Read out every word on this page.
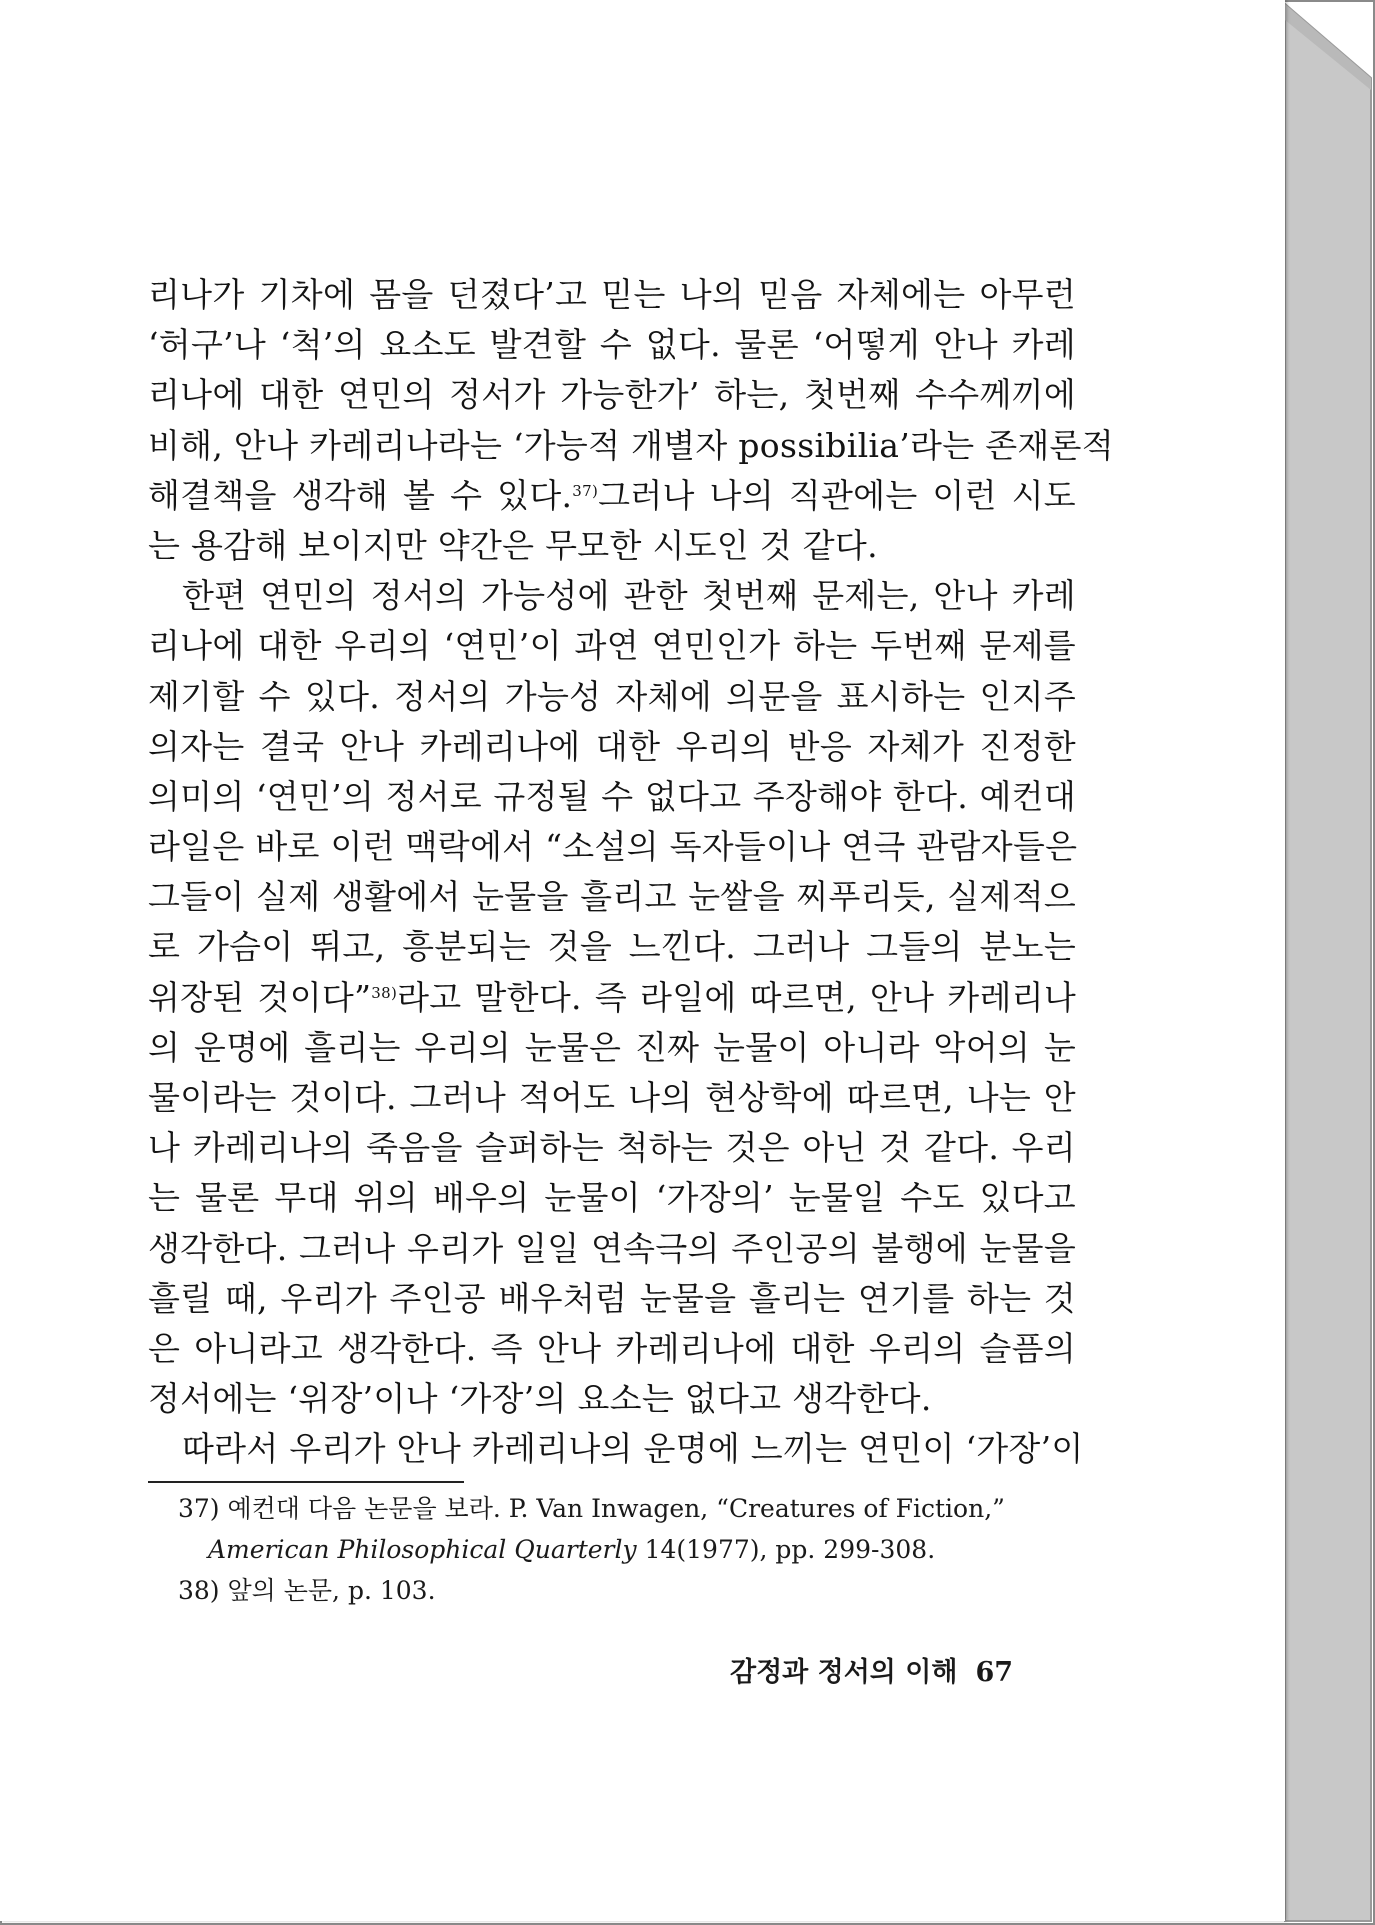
리나가 기차에 몸을 던졌다’고 믿는 나의 믿음 자체에는 아무런
‘허구’나 ‘척’의 요소도 발견할 수 없다. 물론 ‘어떻게 안나 카레
리나에 대한 연민의 정서가 가능한가’ 하는, 첫번째 수수께끼에
비해, 안나 카레리나라는 ‘가능적 개별자 possibilia’라는 존재론적
해결책을 생각해 볼 수 있다.$^{37)}$그러나 나의 직관에는 이런 시도
는 용감해 보이지만 약간은 무모한 시도인 것 같다.
한편 연민의 정서의 가능성에 관한 첫번째 문제는, 안나 카레
리나에 대한 우리의 ‘연민’이 과연 연민인가 하는 두번째 문제를
제기할 수 있다. 정서의 가능성 자체에 의문을 표시하는 인지주
의자는 결국 안나 카레리나에 대한 우리의 반응 자체가 진정한
의미의 ‘연민’의 정서로 규정될 수 없다고 주장해야 한다. 예컨대
라일은 바로 이런 맥락에서 “소설의 독자들이나 연극 관람자들은
그들이 실제 생활에서 눈물을 흘리고 눈쌀을 찌푸리듯, 실제적으
로 가슴이 뛰고, 흥분되는 것을 느낀다. 그러나 그들의 분노는
위장된 것이다”$^{38)}$라고 말한다. 즉 라일에 따르면, 안나 카레리나
의 운명에 흘리는 우리의 눈물은 진짜 눈물이 아니라 악어의 눈
물이라는 것이다. 그러나 적어도 나의 현상학에 따르면, 나는 안
나 카레리나의 죽음을 슬퍼하는 척하는 것은 아닌 것 같다. 우리
는 물론 무대 위의 배우의 눈물이 ‘가장의’ 눈물일 수도 있다고
생각한다. 그러나 우리가 일일 연속극의 주인공의 불행에 눈물을
흘릴 때, 우리가 주인공 배우처럼 눈물을 흘리는 연기를 하는 것
은 아니라고 생각한다. 즉 안나 카레리나에 대한 우리의 슬픔의
정서에는 ‘위장’이나 ‘가장’의 요소는 없다고 생각한다.
따라서 우리가 안나 카레리나의 운명에 느끼는 연민이 ‘가장’이
37) 예컨대 다음 논문을 보라. P. Van Inwagen, “Creatures of Fiction,”
American Philosophical Quarterly 14(1977), pp. 299-308.
38) 앞의 논문, p. 103.
감정과 정서의 이해 67
